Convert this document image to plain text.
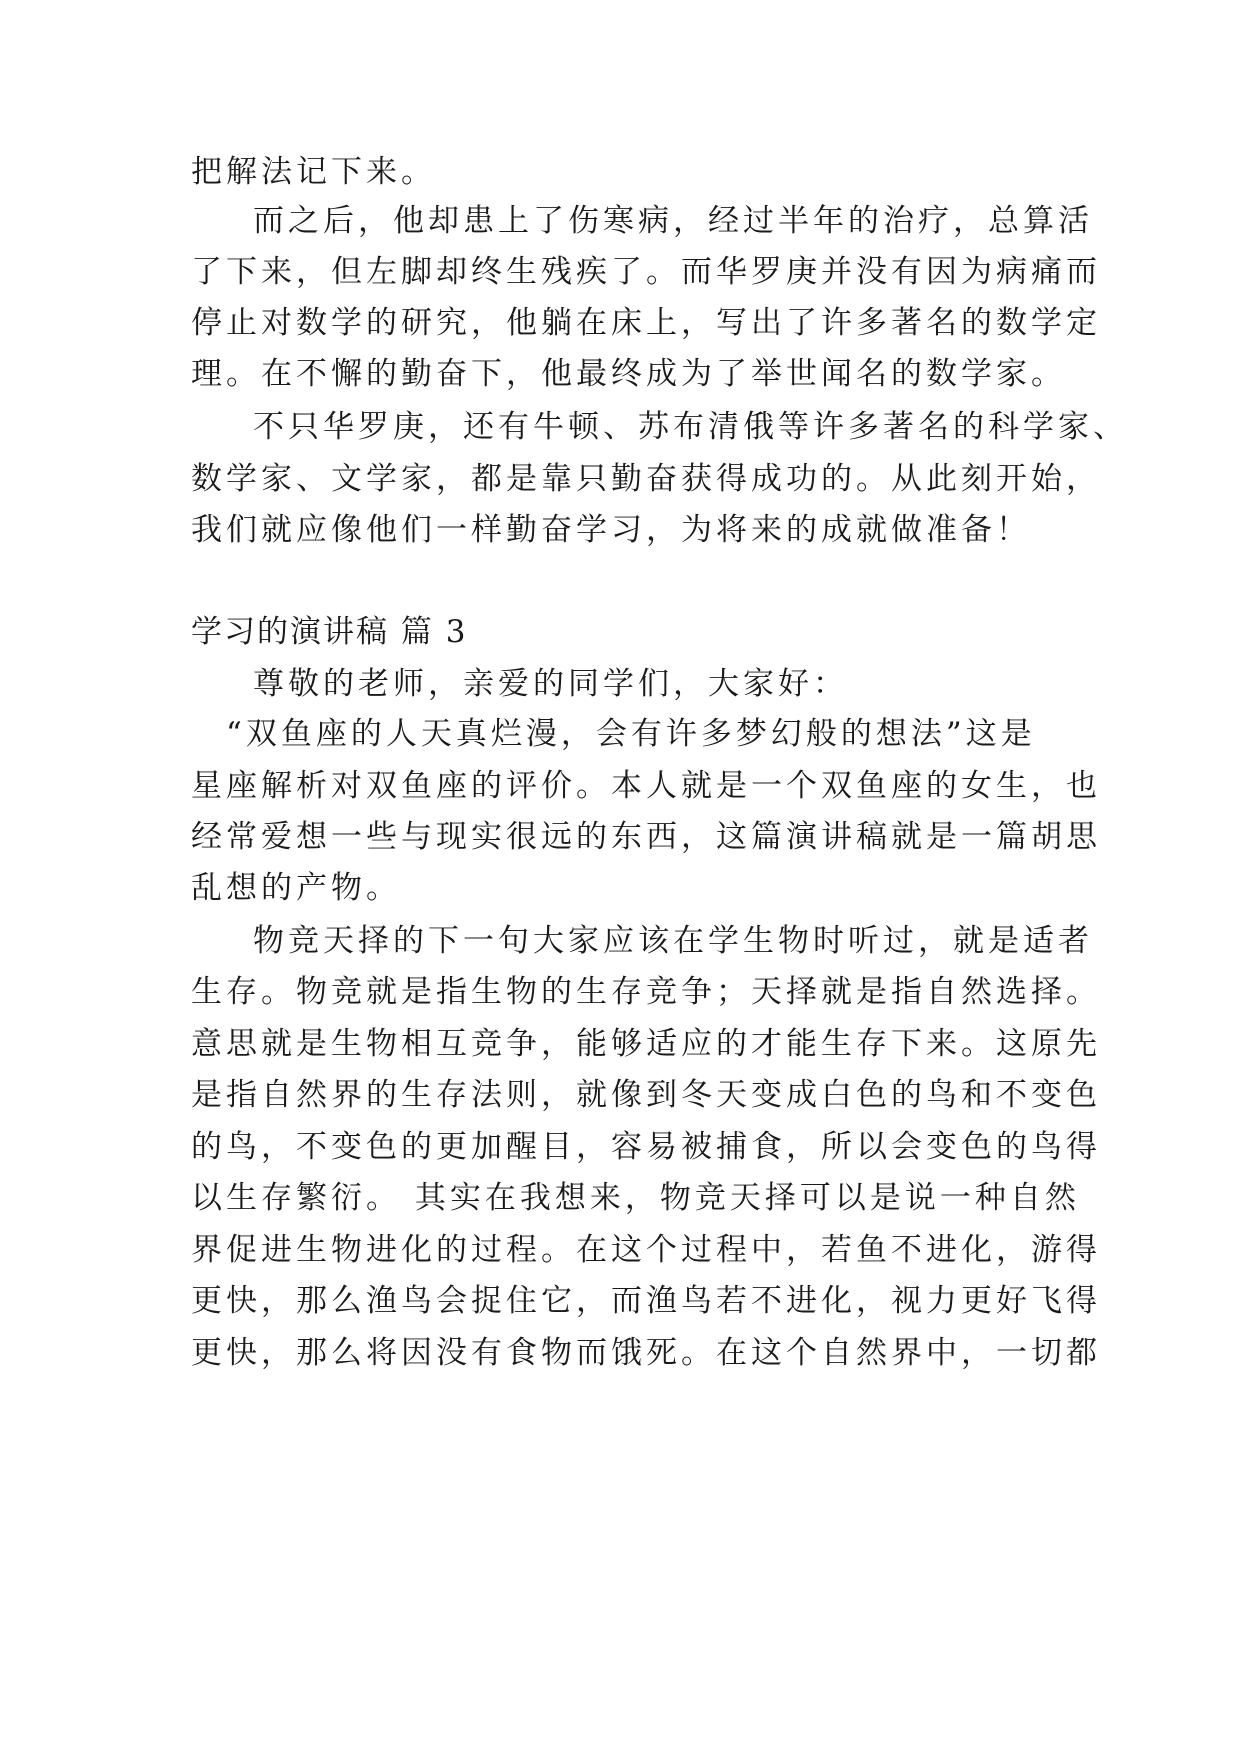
把解法记下来。
而之后，他却患上了伤寒病，经过半年的治疗，总算活
了下来，但左脚却终生残疾了。而华罗庚并没有因为病痛而
停止对数学的研究，他躺在床上，写出了许多著名的数学定
理。在不懈的勤奋下，他最终成为了举世闻名的数学家。
不只华罗庚，还有牛顿、苏布清俄等许多著名的科学家、
数学家、文学家，都是靠只勤奋获得成功的。从此刻开始，
我们就应像他们一样勤奋学习，为将来的成就做准备！
学习的演讲稿 篇 3
尊敬的老师，亲爱的同学们，大家好：
“双鱼座的人天真烂漫，会有许多梦幻般的想法”这是
星座解析对双鱼座的评价。本人就是一个双鱼座的女生，也
经常爱想一些与现实很远的东西，这篇演讲稿就是一篇胡思
乱想的产物。
物竞天择的下一句大家应该在学生物时听过，就是适者
生存。物竞就是指生物的生存竞争；天择就是指自然选择。
意思就是生物相互竞争，能够适应的才能生存下来。这原先
是指自然界的生存法则，就像到冬天变成白色的鸟和不变色
的鸟，不变色的更加醒目，容易被捕食，所以会变色的鸟得
以生存繁衍。 其实在我想来，物竞天择可以是说一种自然
界促进生物进化的过程。在这个过程中，若鱼不进化，游得
更快，那么渔鸟会捉住它，而渔鸟若不进化，视力更好飞得
更快，那么将因没有食物而饿死。在这个自然界中，一切都
